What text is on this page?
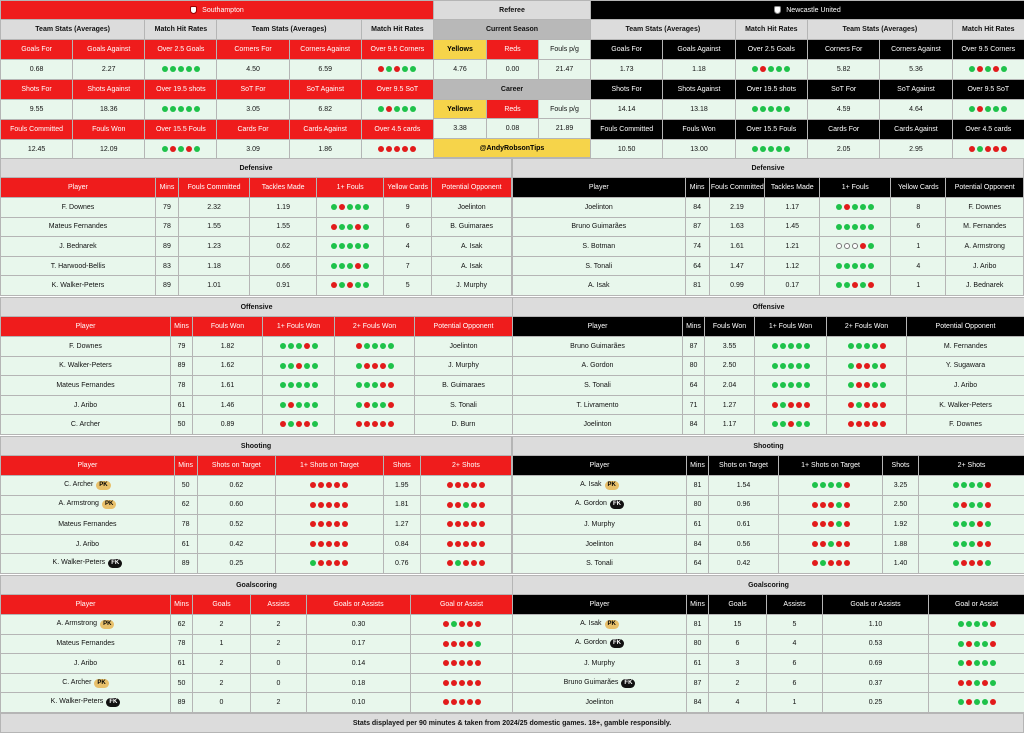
Southampton					
Team Stats (Averages)		Match Hit Rates	Team Stats (Averages)		Match Hit Rates
Goals For	Goals Against	Over 2.5 Goals	Corners For	Corners Against	Over 9.5 Corners
0.68	2.27		4.50	6.59	
Shots For	Shots Against	Over 19.5 shots	SoT For	SoT Against	Over 9.5 SoT
9.55	18.36		3.05	6.82	
Fouls Committed	Fouls Won	Over 15.5 Fouls	Cards For	Cards Against	Over 4.5 cards
12.45	12.09		3.09	1.86	
Newcastle United					
Team Stats (Averages)		Match Hit Rates	Team Stats (Averages)		Match Hit Rates
Goals For	Goals Against	Over 2.5 Goals	Corners For	Corners Against	Over 9.5 Corners
1.73	1.18		5.82	5.36	
Shots For	Shots Against	Over 19.5 shots	SoT For	SoT Against	Over 9.5 SoT
14.14	13.18		4.59	4.64	
Fouls Committed	Fouls Won	Over 15.5 Fouls	Cards For	Cards Against	Over 4.5 cards
10.50	13.00		2.05	2.95	
Referee		
Current Season		
Yellows	Reds	Fouls p/g
4.76	0.00	21.47
Career		
Yellows	Reds	Fouls p/g
3.38	0.08	21.89
@AndyRobsonTips		
Defensive						
Player	Mins	Fouls Committed	Tackles Made	1+ Fouls	Yellow Cards	Potential Opponent
F. Downes	79	2.32	1.19		9	Joelinton
Mateus Fernandes	78	1.55	1.55		6	B. Guimaraes
J. Bednarek	89	1.23	0.62		4	A. Isak
T. Harwood-Bellis	83	1.18	0.66		7	A. Isak
K. Walker-Peters	89	1.01	0.91		5	J. Murphy
Defensive						
Player	Mins	Fouls Committed	Tackles Made	1+ Fouls	Yellow Cards	Potential Opponent
Joelinton	84	2.19	1.17		8	F. Downes
Bruno Guimarães	87	1.63	1.45		6	M. Fernandes
S. Botman	74	1.61	1.21		1	A. Armstrong
S. Tonali	64	1.47	1.12		4	J. Aribo
A. Isak	81	0.99	0.17		1	J. Bednarek
Offensive					
Player	Mins	Fouls Won	1+ Fouls Won	2+ Fouls Won	Potential Opponent
F. Downes	79	1.82			Joelinton
K. Walker-Peters	89	1.62			J. Murphy
Mateus Fernandes	78	1.61			B. Guimaraes
J. Aribo	61	1.46			S. Tonali
C. Archer	50	0.89			D. Burn
Offensive					
Player	Mins	Fouls Won	1+ Fouls Won	2+ Fouls Won	Potential Opponent
Bruno Guimarães	87	3.55			M. Fernandes
A. Gordon	80	2.50			Y. Sugawara
S. Tonali	64	2.04			J. Aribo
T. Livramento	71	1.27			K. Walker-Peters
Joelinton	84	1.17			F. Downes
Shooting					
Player	Mins	Shots on Target	1+ Shots on Target	Shots	2+ Shots
C. Archer PK	50	0.62		1.95	
A. Armstrong PK	62	0.60		1.81	
Mateus Fernandes	78	0.52		1.27	
J. Aribo	61	0.42		0.84	
K. Walker-Peters FK	89	0.25		0.76	
Shooting					
Player	Mins	Shots on Target	1+ Shots on Target	Shots	2+ Shots
A. Isak PK	81	1.54		3.25	
A. Gordon FK	80	0.96		2.50	
J. Murphy	61	0.61		1.92	
Joelinton	84	0.56		1.88	
S. Tonali	64	0.42		1.40	
Goalscoring					
Player	Mins	Goals	Assists	Goals or Assists	Goal or Assist
A. Armstrong PK	62	2	2	0.30	
Mateus Fernandes	78	1	2	0.17	
J. Aribo	61	2	0	0.14	
C. Archer PK	50	2	0	0.18	
K. Walker-Peters FK	89	0	2	0.10	
Goalscoring					
Player	Mins	Goals	Assists	Goals or Assists	Goal or Assist
A. Isak PK	81	15	5	1.10	
A. Gordon FK	80	6	4	0.53	
J. Murphy	61	3	6	0.69	
Bruno Guimarães FK	87	2	6	0.37	
Joelinton	84	4	1	0.25	
Stats displayed per 90 minutes & taken from 2024/25 domestic games. 18+, gamble responsibly.
